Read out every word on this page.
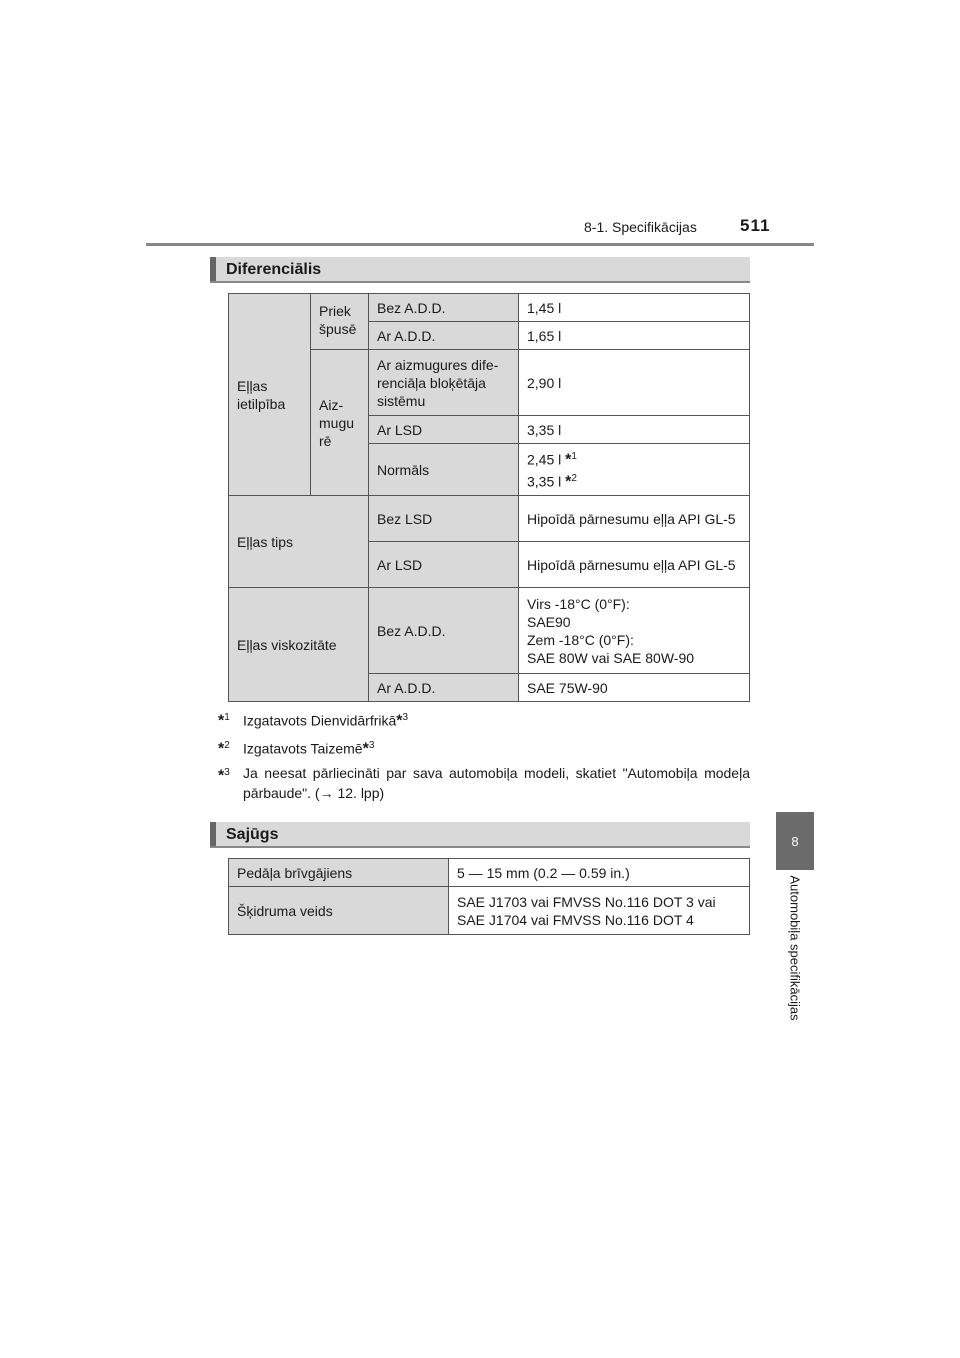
8-1. Specifikācijas	511
8
Automobiļa specifikācijas
Diferenciālis
Eļļas ietilpība	Priek špusē	Bez A.D.D.	1,45 l
		Ar A.D.D.	1,65 l
	Aiz- mugu rē	Ar aizmugures dife- renciāļa bloķētāja sistēmu	2,90 l
		Ar LSD	3,35 l
		Normāls	2,45 l *$^1$
3,35 l *$^2$

Eļļas tips		Bez LSD	Hipoīdā pārnesumu eļļa API GL-5
		Ar LSD	Hipoīdā pārnesumu eļļa API GL-5
Eļļas viskozitāte		Bez A.D.D.	Virs -18°C (0°F):
SAE90
Zem -18°C (0°F):
SAE 80W vai SAE 80W-90

		Ar A.D.D.	SAE 75W-90
*$^1$ Izgatavots Dienvidārfrikā*$^3$
*$^2$ Izgatavots Taizemē*$^3$
*$^3$ Ja neesat pārliecināti par sava automobiļa modeli, skatiet "Automobiļa modeļa pārbaude". (→ 12. lpp)
Sajūgs
Pedāļa brīvgājiens	5 — 15 mm (0.2 — 0.59 in.)
Šķidruma veids	SAE J1703 vai FMVSS No.116 DOT 3 vai SAE J1704 vai FMVSS No.116 DOT 4
